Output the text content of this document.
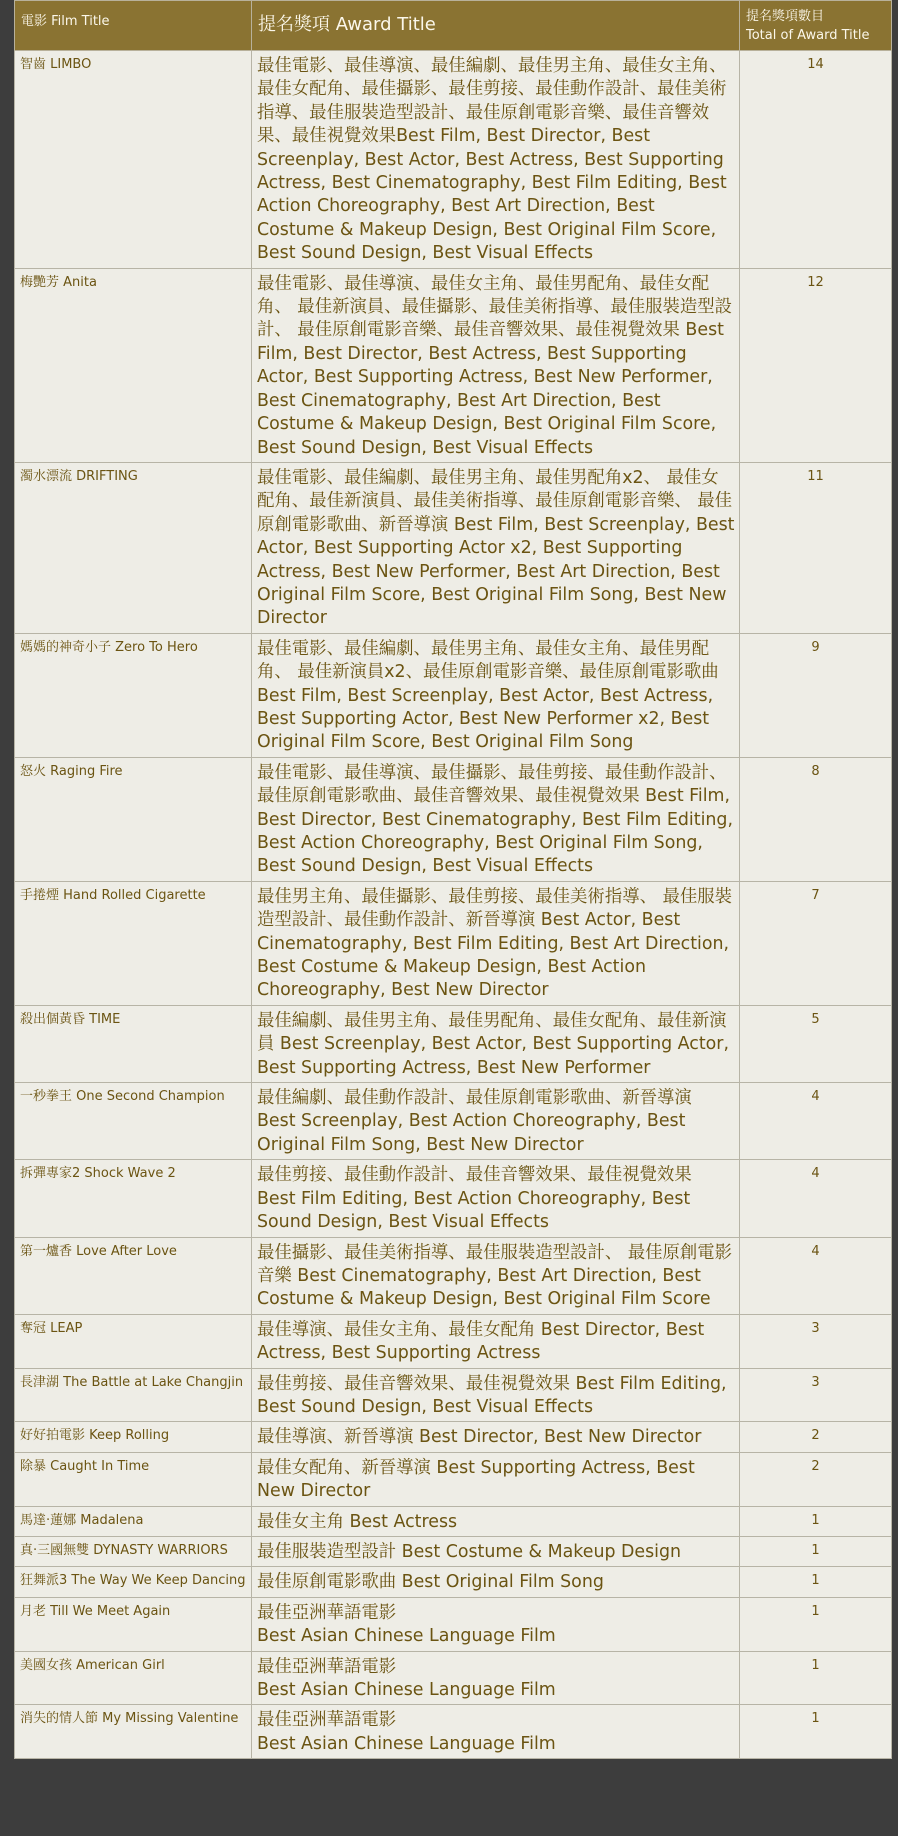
電影 Film Title	提名獎項 Award Title	提名獎項數目
Total of Award Title
智齒 LIMBO	最佳電影、最佳導演、最佳編劇、最佳男主角、最佳女主角、 最佳女配角、最佳攝影、最佳剪接、最佳動作設計、最佳美術指導、最佳服裝造型設計、最佳原創電影音樂、最佳音響效果、最佳視覺效果Best Film, Best Director, Best Screenplay, Best Actor, Best Actress, Best Supporting Actress, Best Cinematography, Best Film Editing, Best Action Choreography, Best Art Direction, Best Costume & Makeup Design, Best Original Film Score, Best Sound Design, Best Visual Effects	14
梅艷芳 Anita	最佳電影、最佳導演、最佳女主角、最佳男配角、最佳女配角、 最佳新演員、最佳攝影、最佳美術指導、最佳服裝造型設計、 最佳原創電影音樂、最佳音響效果、最佳視覺效果 Best Film, Best Director, Best Actress, Best Supporting Actor, Best Supporting Actress, Best New Performer, Best Cinematography, Best Art Direction, Best Costume & Makeup Design, Best Original Film Score, Best Sound Design, Best Visual Effects	12
濁水漂流 DRIFTING	最佳電影、最佳編劇、最佳男主角、最佳男配角x2、 最佳女配角、最佳新演員、最佳美術指導、最佳原創電影音樂、 最佳原創電影歌曲、新晉導演 Best Film, Best Screenplay, Best Actor, Best Supporting Actor x2, Best Supporting Actress, Best New Performer, Best Art Direction, Best Original Film Score, Best Original Film Song, Best New Director	11
媽媽的神奇小子 Zero To Hero	最佳電影、最佳編劇、最佳男主角、最佳女主角、最佳男配角、 最佳新演員x2、最佳原創電影音樂、最佳原創電影歌曲 Best Film, Best Screenplay, Best Actor, Best Actress, Best Supporting Actor, Best New Performer x2, Best Original Film Score, Best Original Film Song	9
怒火 Raging Fire	最佳電影、最佳導演、最佳攝影、最佳剪接、最佳動作設計、 最佳原創電影歌曲、最佳音響效果、最佳視覺效果 Best Film, Best Director, Best Cinematography, Best Film Editing, Best Action Choreography, Best Original Film Song, Best Sound Design, Best Visual Effects	8
手捲煙 Hand Rolled Cigarette	最佳男主角、最佳攝影、最佳剪接、最佳美術指導、 最佳服裝造型設計、最佳動作設計、新晉導演 Best Actor, Best Cinematography, Best Film Editing, Best Art Direction, Best Costume & Makeup Design, Best Action Choreography, Best New Director	7
殺出個黃昏 TIME	最佳編劇、最佳男主角、最佳男配角、最佳女配角、最佳新演員 Best Screenplay, Best Actor, Best Supporting Actor, Best Supporting Actress, Best New Performer	5
一秒拳王 One Second Champion	最佳編劇、最佳動作設計、最佳原創電影歌曲、新晉導演 Best Screenplay, Best Action Choreography, Best Original Film Song, Best New Director	4
拆彈專家2 Shock Wave 2	最佳剪接、最佳動作設計、最佳音響效果、最佳視覺效果 Best Film Editing, Best Action Choreography, Best Sound Design, Best Visual Effects	4
第一爐香 Love After Love	最佳攝影、最佳美術指導、最佳服裝造型設計、 最佳原創電影音樂 Best Cinematography, Best Art Direction, Best Costume & Makeup Design, Best Original Film Score	4
奪冠 LEAP	最佳導演、最佳女主角、最佳女配角 Best Director, Best Actress, Best Supporting Actress	3
長津湖 The Battle at Lake Changjin	最佳剪接、最佳音響效果、最佳視覺效果 Best Film Editing, Best Sound Design, Best Visual Effects	3
好好拍電影 Keep Rolling	最佳導演、新晉導演 Best Director, Best New Director	2
除暴 Caught In Time	最佳女配角、新晉導演 Best Supporting Actress, Best New Director	2
馬達·蓮娜 Madalena	最佳女主角 Best Actress	1
真·三國無雙 DYNASTY WARRIORS	最佳服裝造型設計 Best Costume & Makeup Design	1
狂舞派3 The Way We Keep Dancing	最佳原創電影歌曲 Best Original Film Song	1
月老 Till We Meet Again	最佳亞洲華語電影
Best Asian Chinese Language Film	1
美國女孩 American Girl	最佳亞洲華語電影
Best Asian Chinese Language Film	1
消失的情人節 My Missing Valentine	最佳亞洲華語電影
Best Asian Chinese Language Film	1
